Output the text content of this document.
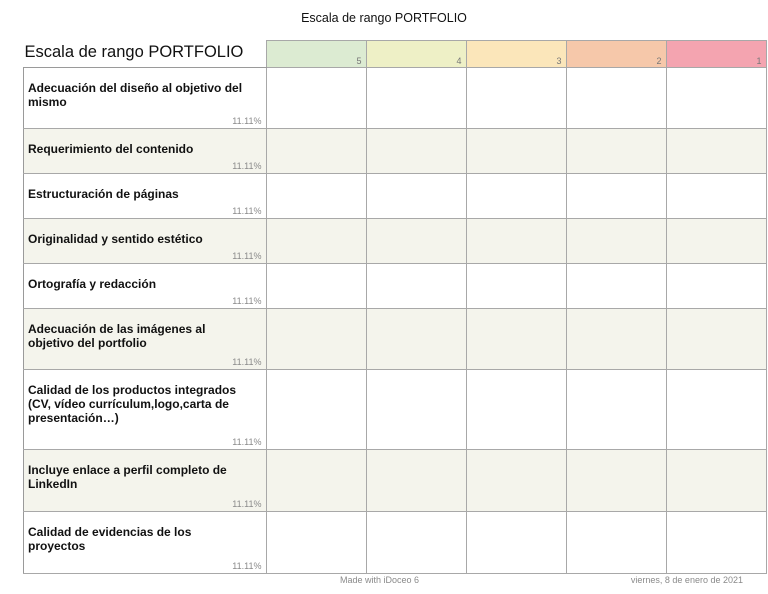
Escala de rango PORTFOLIO
Escala de rango PORTFOLIO	5	4	3	2	1

Adecuación del diseño al objetivo del mismo
11.11%					

Requerimiento del contenido
11.11%					

Estructuración de páginas
11.11%					

Originalidad y sentido estético
11.11%					

Ortografía y redacción
11.11%					

Adecuación de las imágenes al objetivo del portfolio
11.11%					

Calidad de los productos integrados (CV, vídeo currículum,logo,carta de presentación…)
11.11%					

Incluye enlace a perfil completo de LinkedIn
11.11%					

Calidad de evidencias de los proyectos
11.11%					

Made with iDoceo 6	viernes, 8 de enero de 2021
